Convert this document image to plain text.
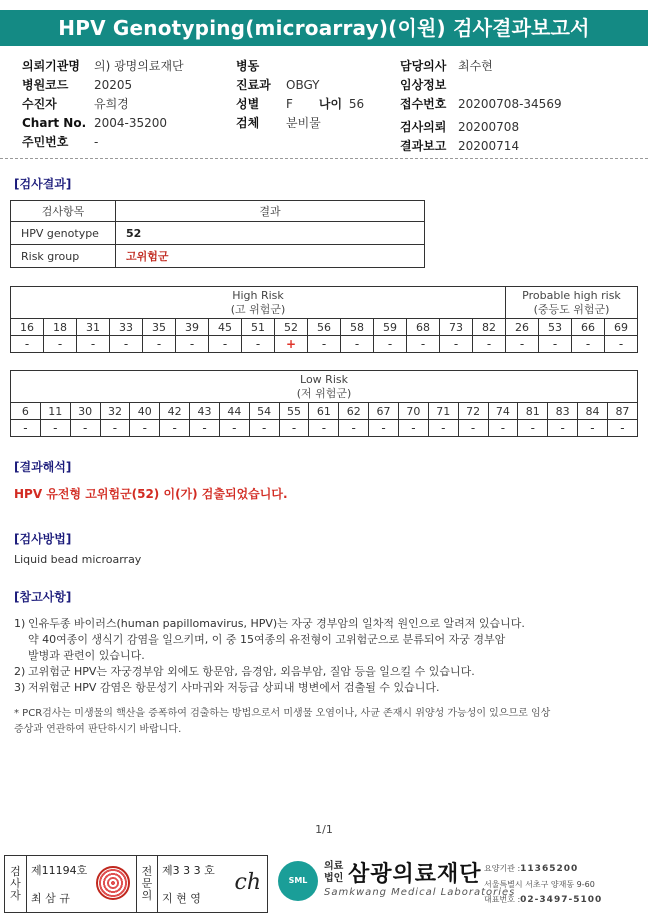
HPV Genotyping(microarray)(이원) 검사결과보고서
의뢰기관명	의) 광명의료재단
병원코드	20205
수진자	유희경
Chart No. 2004-35200
주민번호	-
병동
진료과	OBGY
성별	F 나이 56
검체	분비물
담당의사 최수현
임상정보
접수번호 20200708-34569
검사의뢰 20200708
결과보고 20200714
[검사결과]
검사항목	결과
HPV genotype	52
Risk group	고위험군
High Risk
(고 위험군)															Probable high risk
(중등도 위험군)			
16	18	31	33	35	39	45	51	52	56	58	59	68	73	82	26	53	66	69
-	-	-	-	-	-	-	-	+	-	-	-	-	-	-	-	-	-	-
Low Risk
(저 위험군)																				
6	11	30	32	40	42	43	44	54	55	61	62	67	70	71	72	74	81	83	84	87
-	-	-	-	-	-	-	-	-	-	-	-	-	-	-	-	-	-	-	-	-
[결과해석]
HPV 유전형 고위험군(52) 이(가) 검출되었습니다.
[검사방법]
Liquid bead microarray
[참고사항]
1) 인유두종 바이러스(human papillomavirus, HPV)는 자궁 경부암의 일차적 원인으로 알려져 있습니다.
약 40여종이 생식기 감염을 일으키며, 이 중 15여종의 유전형이 고위험군으로 분류되어 자궁 경부암
발병과 관련이 있습니다.
2) 고위험군 HPV는 자궁경부암 외에도 항문암, 음경암, 외음부암, 질암 등을 일으킬 수 있습니다.
3) 저위험군 HPV 감염은 항문성기 사마귀와 저등급 상피내 병변에서 검출될 수 있습니다.
* PCR검사는 미생물의 핵산을 증폭하여 검출하는 방법으로서 미생물 오염이나, 사균 존재시 위양성 가능성이 있으므로 임상
증상과 연관하여 판단하시기 바랍니다.
1/1
검
사
자
제11194호
최 삼 규
전
문
의
제3 3 3 호
지 현 영
ch	SML
의료
법인 삼광의료재단
Samkwang Medical Laboratories
요양기관 :11365200
서울특별시 서초구 양재동 9-60
대표번호 :02-3497-5100
